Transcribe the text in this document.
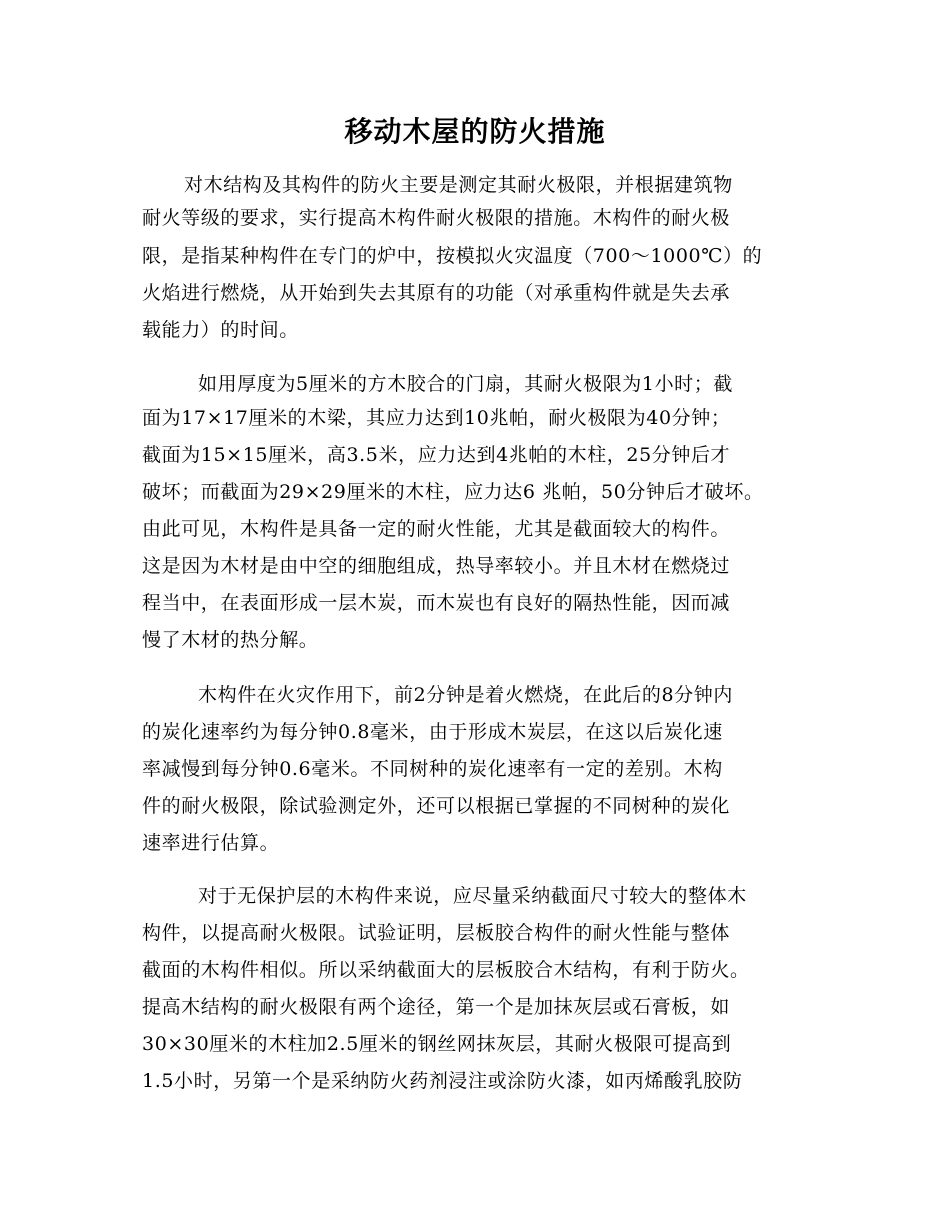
移动木屋的防火措施
对木结构及其构件的防火主要是测定其耐火极限，并根据建筑物
耐火等级的要求，实行提高木构件耐火极限的措施。木构件的耐火极
限，是指某种构件在专门的炉中，按模拟火灾温度（700～1000℃）的
火焰进行燃烧，从开始到失去其原有的功能（对承重构件就是失去承
载能力）的时间。
如用厚度为5厘米的方木胶合的门扇，其耐火极限为1小时；截
面为17×17厘米的木梁，其应力达到10兆帕，耐火极限为40分钟；
截面为15×15厘米，高3.5米，应力达到4兆帕的木柱，25分钟后才
破坏；而截面为29×29厘米的木柱，应力达6 兆帕，50分钟后才破坏。
由此可见，木构件是具备一定的耐火性能，尤其是截面较大的构件。
这是因为木材是由中空的细胞组成，热导率较小。并且木材在燃烧过
程当中，在表面形成一层木炭，而木炭也有良好的隔热性能，因而减
慢了木材的热分解。
木构件在火灾作用下，前2分钟是着火燃烧，在此后的8分钟内
的炭化速率约为每分钟0.8毫米，由于形成木炭层，在这以后炭化速
率减慢到每分钟0.6毫米。不同树种的炭化速率有一定的差别。木构
件的耐火极限，除试验测定外，还可以根据已掌握的不同树种的炭化
速率进行估算。
对于无保护层的木构件来说，应尽量采纳截面尺寸较大的整体木
构件，以提高耐火极限。试验证明，层板胶合构件的耐火性能与整体
截面的木构件相似。所以采纳截面大的层板胶合木结构，有利于防火。
提高木结构的耐火极限有两个途径，第一个是加抹灰层或石膏板，如
30×30厘米的木柱加2.5厘米的钢丝网抹灰层，其耐火极限可提高到
1.5小时，另第一个是采纳防火药剂浸注或涂防火漆，如丙烯酸乳胶防
